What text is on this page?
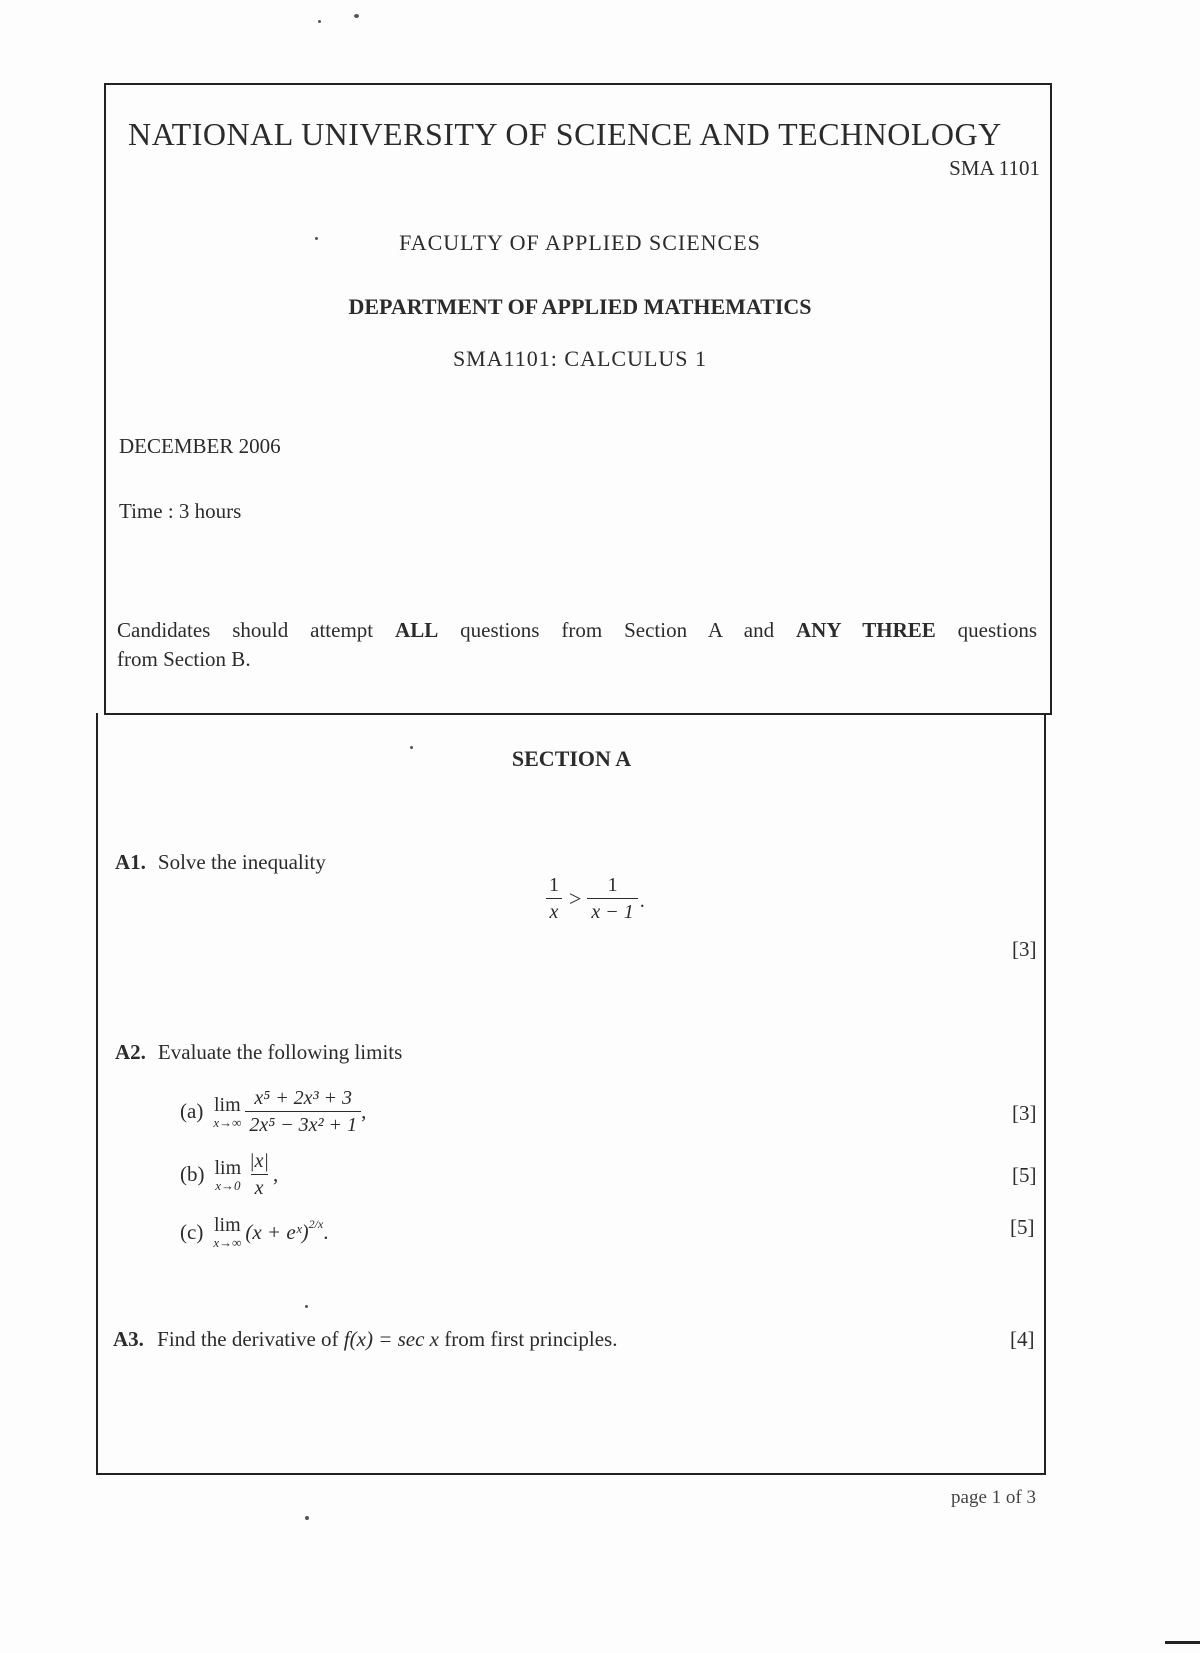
NATIONAL UNIVERSITY OF SCIENCE AND TECHNOLOGY
SMA 1101
FACULTY OF APPLIED SCIENCES
DEPARTMENT OF APPLIED MATHEMATICS
SMA1101: CALCULUS 1
DECEMBER 2006
Time : 3 hours
Candidates should attempt ALL questions from Section A and ANY THREE questions
from Section B.
SECTION A
A1. Solve the inequality
$\frac{1}{x} > \frac{1}{x - 1}$ .
[3]
A2. Evaluate the following limits
(a) lim
$x\to\infty \frac{\text{x⁵ + 2x³ + 3}}{\text{2x⁵ − 3x² + 1}}$ ,	[3]
(b) lim
$x\to 0 \frac{|x|}{x}$ ,	[5]
(c) lim
x→∞ (x + eˣ)$^{2/x}$ .	[5]
A3. Find the derivative of f(x) = sec x from first principles.	[4]
page 1 of 3
